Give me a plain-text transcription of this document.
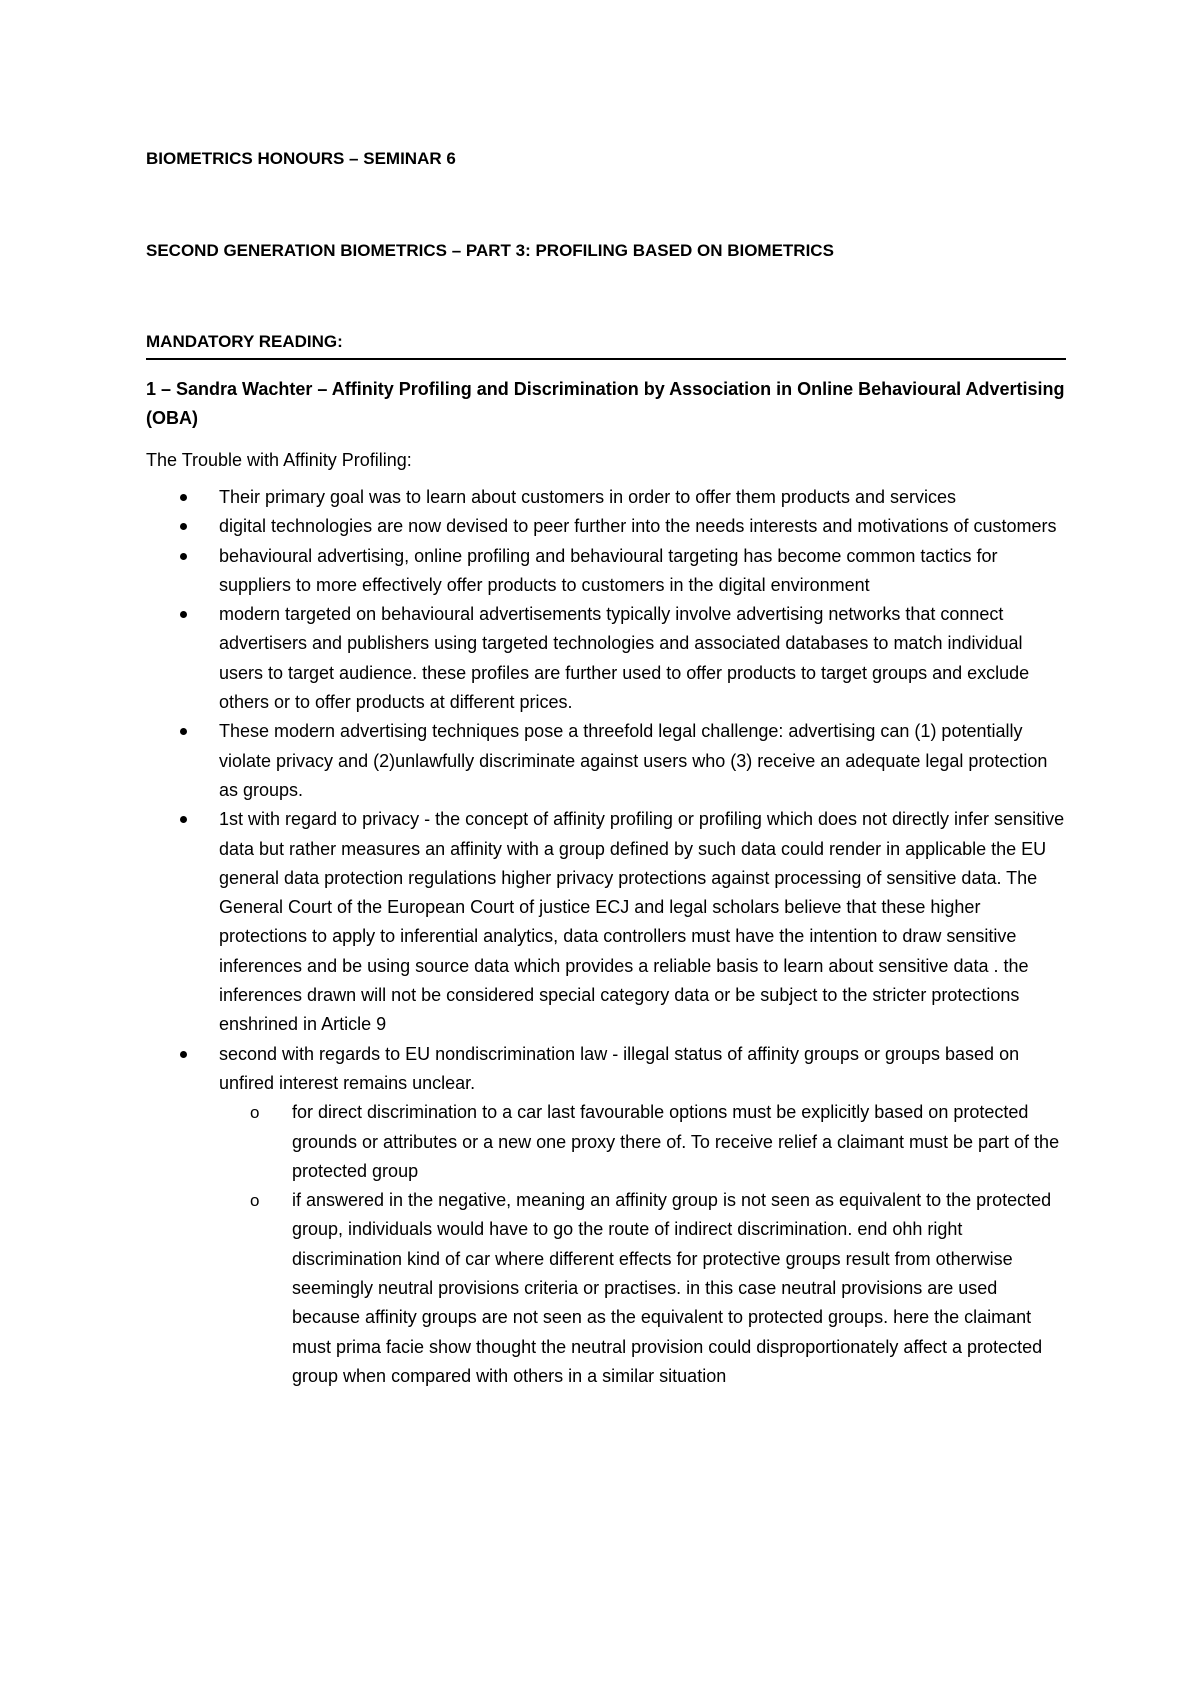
BIOMETRICS HONOURS – SEMINAR 6

SECOND GENERATION BIOMETRICS – PART 3: PROFILING BASED ON BIOMETRICS

MANDATORY READING:

1 – Sandra Wachter – Affinity Profiling and Discrimination by Association in Online Behavioural Advertising (OBA)

The Trouble with Affinity Profiling:

Their primary goal was to learn about customers in order to offer them products and services
digital technologies are now devised to peer further into the needs interests and motivations of customers
behavioural advertising, online profiling and behavioural targeting has become common tactics for suppliers to more effectively offer products to customers in the digital environment
modern targeted on behavioural advertisements typically involve advertising networks that connect advertisers and publishers using targeted technologies and associated databases to match individual users to target audience. these profiles are further used to offer products to target groups and exclude others or to offer products at different prices.
These modern advertising techniques pose a threefold legal challenge: advertising can (1) potentially violate privacy and (2)unlawfully discriminate against users who (3) receive an adequate legal protection as groups.
1st with regard to privacy - the concept of affinity profiling or profiling which does not directly infer sensitive data but rather measures an affinity with a group defined by such data could render in applicable the EU general data protection regulations higher privacy protections against processing of sensitive data. The General Court of the European Court of justice ECJ and legal scholars believe that these higher protections to apply to inferential analytics, data controllers must have the intention to draw sensitive inferences and be using source data which provides a reliable basis to learn about sensitive data . the inferences drawn will not be considered special category data or be subject to the stricter protections enshrined in Article 9
second with regards to EU nondiscrimination law - illegal status of affinity groups or groups based on unfired interest remains unclear.
o for direct discrimination to a car last favourable options must be explicitly based on protected grounds or attributes or a new one proxy there of. To receive relief a claimant must be part of the protected group
o if answered in the negative, meaning an affinity group is not seen as equivalent to the protected group, individuals would have to go the route of indirect discrimination. end ohh right discrimination kind of car where different effects for protective groups result from otherwise seemingly neutral provisions criteria or practises. in this case neutral provisions are used because affinity groups are not seen as the equivalent to protected groups. here the claimant must prima facie show thought the neutral provision could disproportionately affect a protected group when compared with others in a similar situation
